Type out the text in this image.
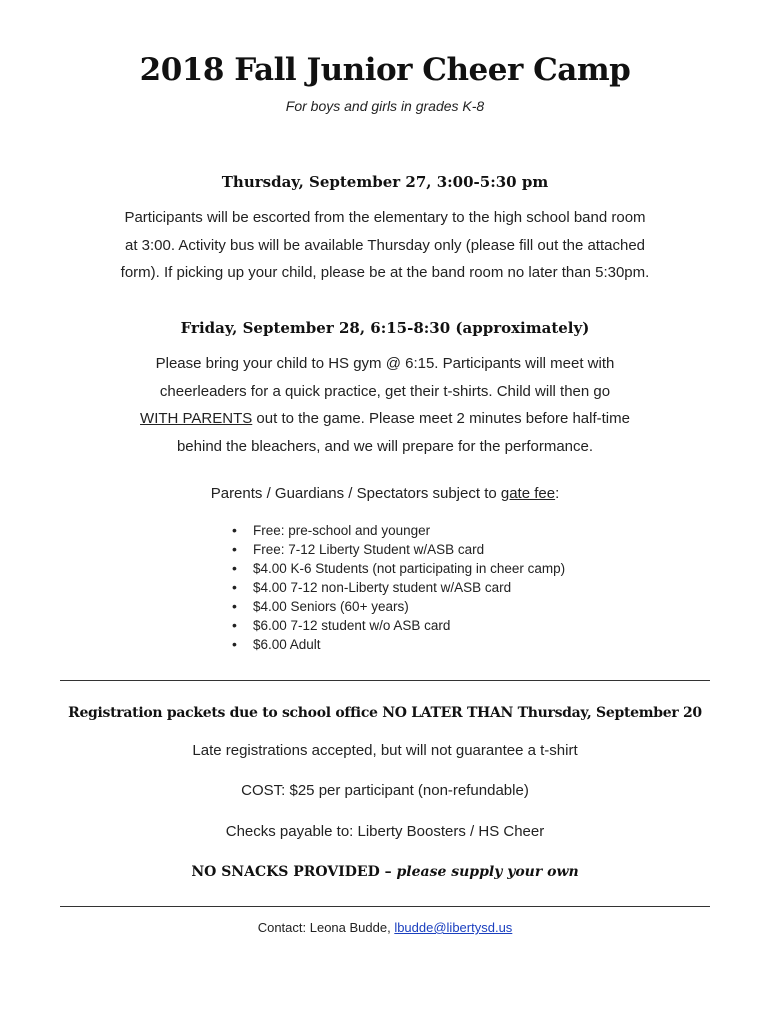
2018 Fall Junior Cheer Camp
For boys and girls in grades K-8
Thursday, September 27, 3:00-5:30 pm
Participants will be escorted from the elementary to the high school band room
at 3:00. Activity bus will be available Thursday only (please fill out the attached
form). If picking up your child, please be at the band room no later than 5:30pm.
Friday, September 28, 6:15-8:30 (approximately)
Please bring your child to HS gym @ 6:15. Participants will meet with
cheerleaders for a quick practice, get their t-shirts. Child will then go
WITH PARENTS out to the game. Please meet 2 minutes before half-time
behind the bleachers, and we will prepare for the performance.
Parents / Guardians / Spectators subject to gate fee:
• Free: pre-school and younger
• Free: 7-12 Liberty Student w/ASB card
• $4.00 K-6 Students (not participating in cheer camp)
• $4.00 7-12 non-Liberty student w/ASB card
• $4.00 Seniors (60+ years)
• $6.00 7-12 student w/o ASB card
• $6.00 Adult
Registration packets due to school office NO LATER THAN Thursday, September 20
Late registrations accepted, but will not guarantee a t-shirt
COST: $25 per participant (non-refundable)
Checks payable to: Liberty Boosters / HS Cheer
NO SNACKS PROVIDED – please supply your own
Contact: Leona Budde, lbudde@libertysd.us
